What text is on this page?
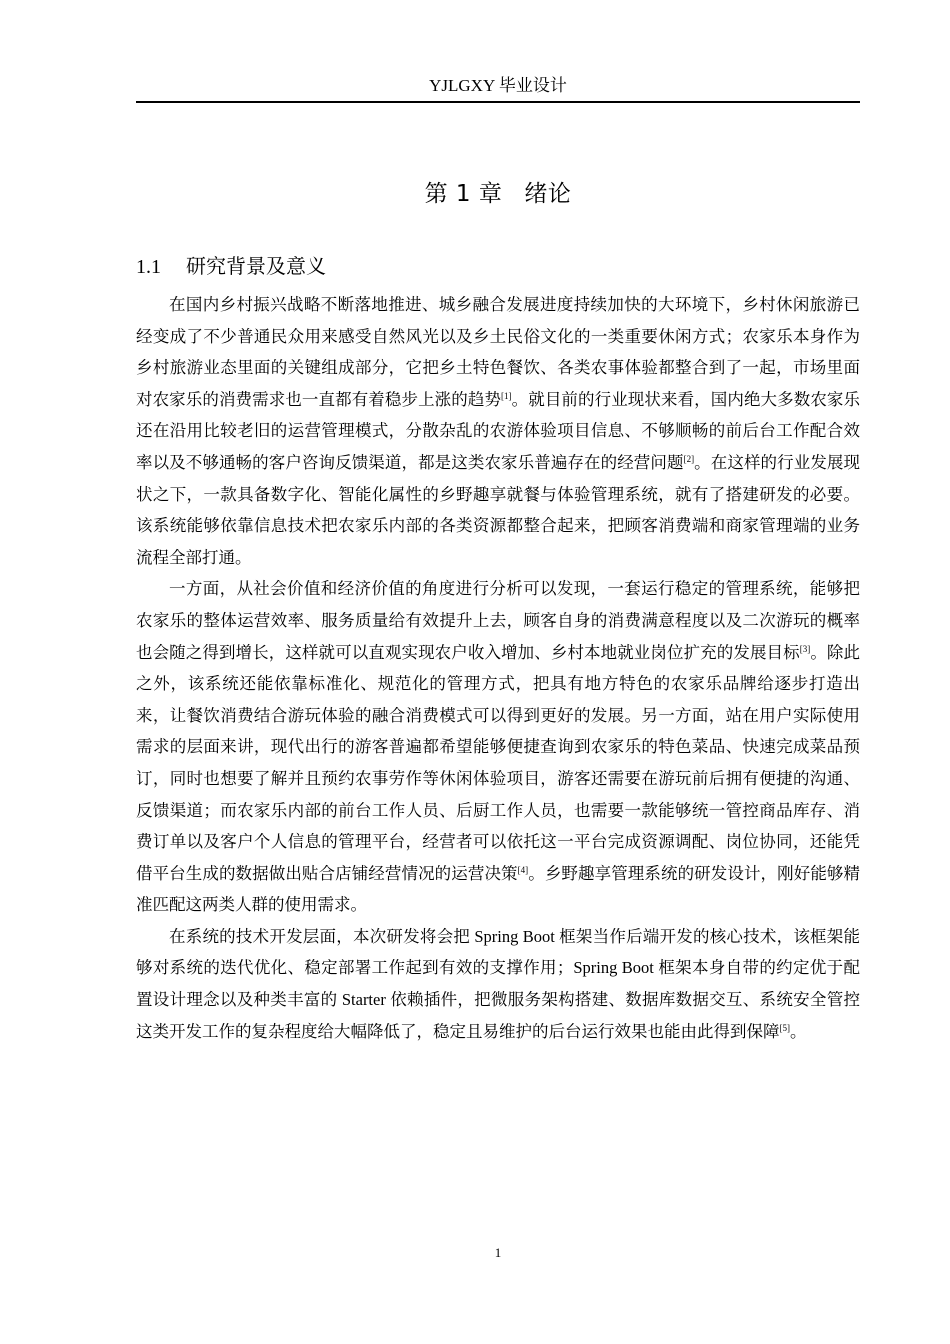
YJLGXY 毕业设计
第 1 章 绪论
1.1 研究背景及意义

在国内乡村振兴战略不断落地推进、城乡融合发展进度持续加快的大环境下，乡村休闲旅游已经变成了不少普通民众用来感受自然风光以及乡土民俗文化的一类重要休闲方式；农家乐本身作为乡村旅游业态里面的关键组成部分，它把乡土特色餐饮、各类农事体验都整合到了一起，市场里面对农家乐的消费需求也一直都有着稳步上涨的趋势[1]。就目前的行业现状来看，国内绝大多数农家乐还在沿用比较老旧的运营管理模式，分散杂乱的农游体验项目信息、不够顺畅的前后台工作配合效率以及不够通畅的客户咨询反馈渠道，都是这类农家乐普遍存在的经营问题[2]。在这样的行业发展现状之下，一款具备数字化、智能化属性的乡野趣享就餐与体验管理系统，就有了搭建研发的必要。该系统能够依靠信息技术把农家乐内部的各类资源都整合起来，把顾客消费端和商家管理端的业务流程全部打通。

一方面，从社会价值和经济价值的角度进行分析可以发现，一套运行稳定的管理系统，能够把农家乐的整体运营效率、服务质量给有效提升上去，顾客自身的消费满意程度以及二次游玩的概率也会随之得到增长，这样就可以直观实现农户收入增加、乡村本地就业岗位扩充的发展目标[3]。除此之外，该系统还能依靠标准化、规范化的管理方式，把具有地方特色的农家乐品牌给逐步打造出来，让餐饮消费结合游玩体验的融合消费模式可以得到更好的发展。另一方面，站在用户实际使用需求的层面来讲，现代出行的游客普遍都希望能够便捷查询到农家乐的特色菜品、快速完成菜品预订，同时也想要了解并且预约农事劳作等休闲体验项目，游客还需要在游玩前后拥有便捷的沟通、反馈渠道；而农家乐内部的前台工作人员、后厨工作人员，也需要一款能够统一管控商品库存、消费订单以及客户个人信息的管理平台，经营者可以依托这一平台完成资源调配、岗位协同，还能凭借平台生成的数据做出贴合店铺经营情况的运营决策[4]。乡野趣享管理系统的研发设计，刚好能够精准匹配这两类人群的使用需求。

在系统的技术开发层面，本次研发将会把 Spring Boot 框架当作后端开发的核心技术，该框架能够对系统的迭代优化、稳定部署工作起到有效的支撑作用；Spring Boot 框架本身自带的约定优于配置设计理念以及种类丰富的 Starter 依赖插件，把微服务架构搭建、数据库数据交互、系统安全管控这类开发工作的复杂程度给大幅降低了，稳定且易维护的后台运行效果也能由此得到保障[5]。

1
